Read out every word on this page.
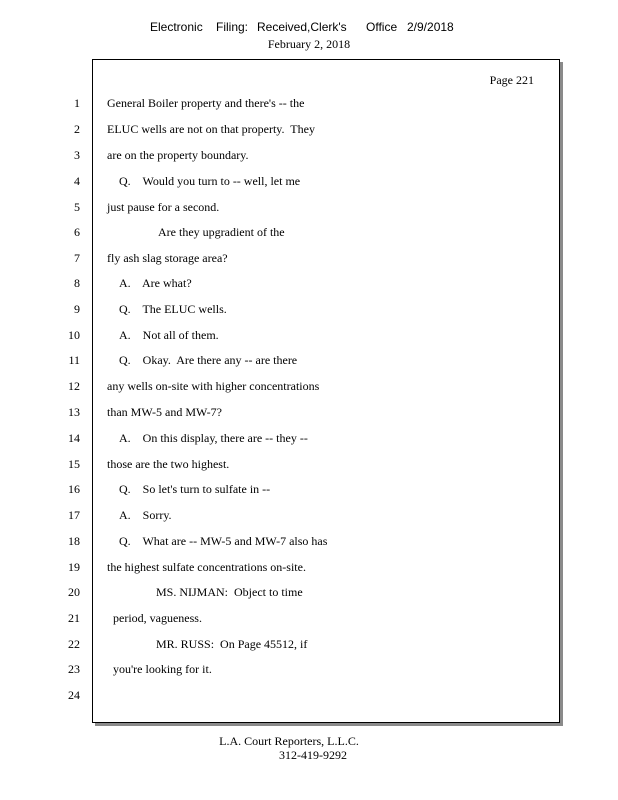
Electronic Filing: Received,Clerk's Office 2/9/2018
February 2, 2018
Page 221
1 General Boiler property and there's -- the
2 ELUC wells are not on that property.  They
3 are on the property boundary.
4	Q.    Would you turn to -- well, let me
5 just pause for a second.
6	Are they upgradient of the
7 fly ash slag storage area?
8	A.    Are what?
9	Q.    The ELUC wells.
10	A.    Not all of them.
11	Q.    Okay.  Are there any -- are there
12 any wells on-site with higher concentrations
13 than MW-5 and MW-7?
14	A.    On this display, there are -- they --
15 those are the two highest.
16	Q.    So let's turn to sulfate in --
17	A.    Sorry.
18	Q.    What are -- MW-5 and MW-7 also has
19 the highest sulfate concentrations on-site.
20	MS. NIJMAN:  Object to time
21	period, vagueness.
22	MR. RUSS:  On Page 45512, if
23	you're looking for it.
24
L.A. Court Reporters, L.L.C.
312-419-9292
